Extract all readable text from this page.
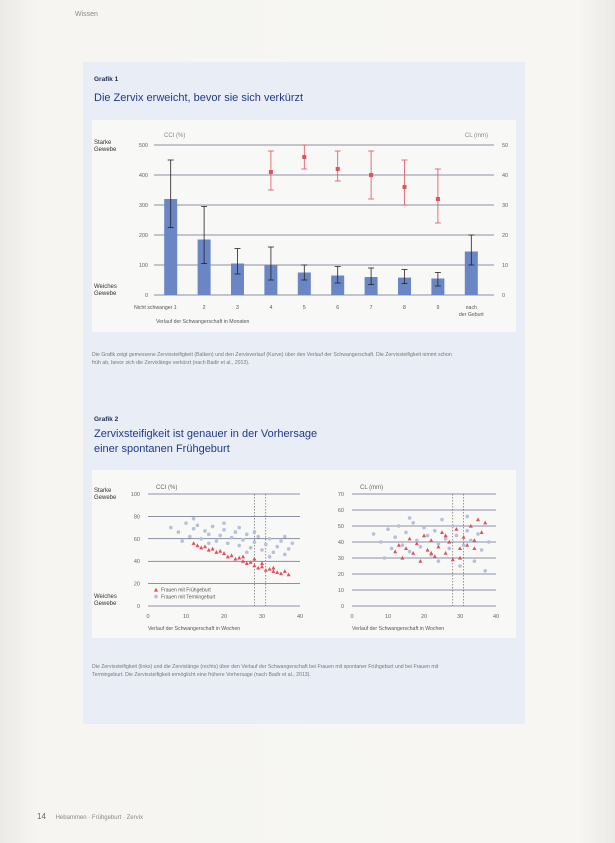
Wissen
Grafik 1
Die Zervix erweicht, bevor sie sich verkürzt
CCI (%)	CL (mm)
0
100
200
300
400
500
0
10
20
30
40
50
Nicht schwanger 1	2	3	4	5	6	7	8	9	nach
der Geburt
Verlauf der Schwangerschaft in Monaten
Starke
Gewebe
Weiches
Gewebe
Die Grafik zeigt gemessene Zervixsteifigkeit (Balken) und den Zervixverlauf (Kurve) über den Verlauf der Schwangerschaft. Die Zervixsteifigkeit nimmt schon früh ab, bevor sich die Zervixlänge verkürzt (nach Badir et al., 2013).
Grafik 2
Zervixsteifigkeit ist genauer in der Vorhersage
einer spontanen Frühgeburt
CCI (%)
0
20
40
60
80
100
0	10	20	30	40
Verlauf der Schwangerschaft in Wochen
Frauen mit Frühgeburt
Frauen mit Termingeburt
CL (mm)
0
10
20
30
40
50
60
70
0	10	20	30	40
Verlauf der Schwangerschaft in Wochen
Starke
Gewebe
Weiches
Gewebe
Die Zervixsteifigkeit (links) und die Zervixlänge (rechts) über den Verlauf der Schwangerschaft bei Frauen mit spontaner Frühgeburt und bei Frauen mit Termingeburt. Die Zervixsteifigkeit ermöglicht eine frühere Vorhersage (nach Badir et al., 2013).
14 Hebammen · Frühgeburt · Zervix
